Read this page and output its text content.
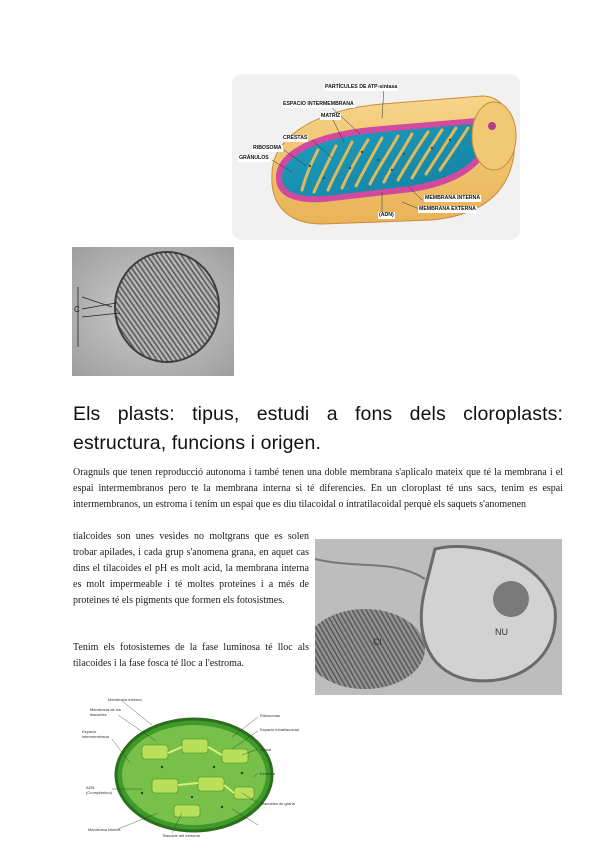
PARTÍCULES DE ATP-sintasa
ESPACIO INTERMEMBRANA
MATRIZ
CRESTAS
RIBOSOMA
GRÁNULOS
MEMBRANA INTERNA
MEMBRANA EXTERNA
(ADN)
C
Els plasts: tipus, estudi a fons dels cloroplasts: estructura, funcions i origen.

Oragnuls que tenen reproducció autonoma i també tenen una doble membrana s'aplicalo mateix que té la membrana i el espai intermembranos pero te la membrana interna si té diferencies. En un cloroplast té uns sacs, tenim es espai intermembranos, un estroma i tenim un espai que es diu tilacoidal o intratilacoidal perquè els saquets s'anomenen

tialcoides son unes vesides no moltgrans que es solen trobar apilades, i cada grup s'anomena grana, en aquet cas dins el tilacoides el pH es molt acid, la membrana interna es molt impermeable i té moltes proteines i a més de proteines té els pigments que formen els fotosistmes.

Tenim els fotosistemes de la fase luminosa té lloc als tilacoides i la fase fosca té lloc a l'estroma.

Cl
NU
Membrana externa
Membrana de los tilacoides
Espacio intermembrana
ADN (Cromplástico)
Membrana interna
Ribosomas
Espacio intratilacoidal
Grana
Estroma
Tilacoides de grana
Tilacoide del estroma
